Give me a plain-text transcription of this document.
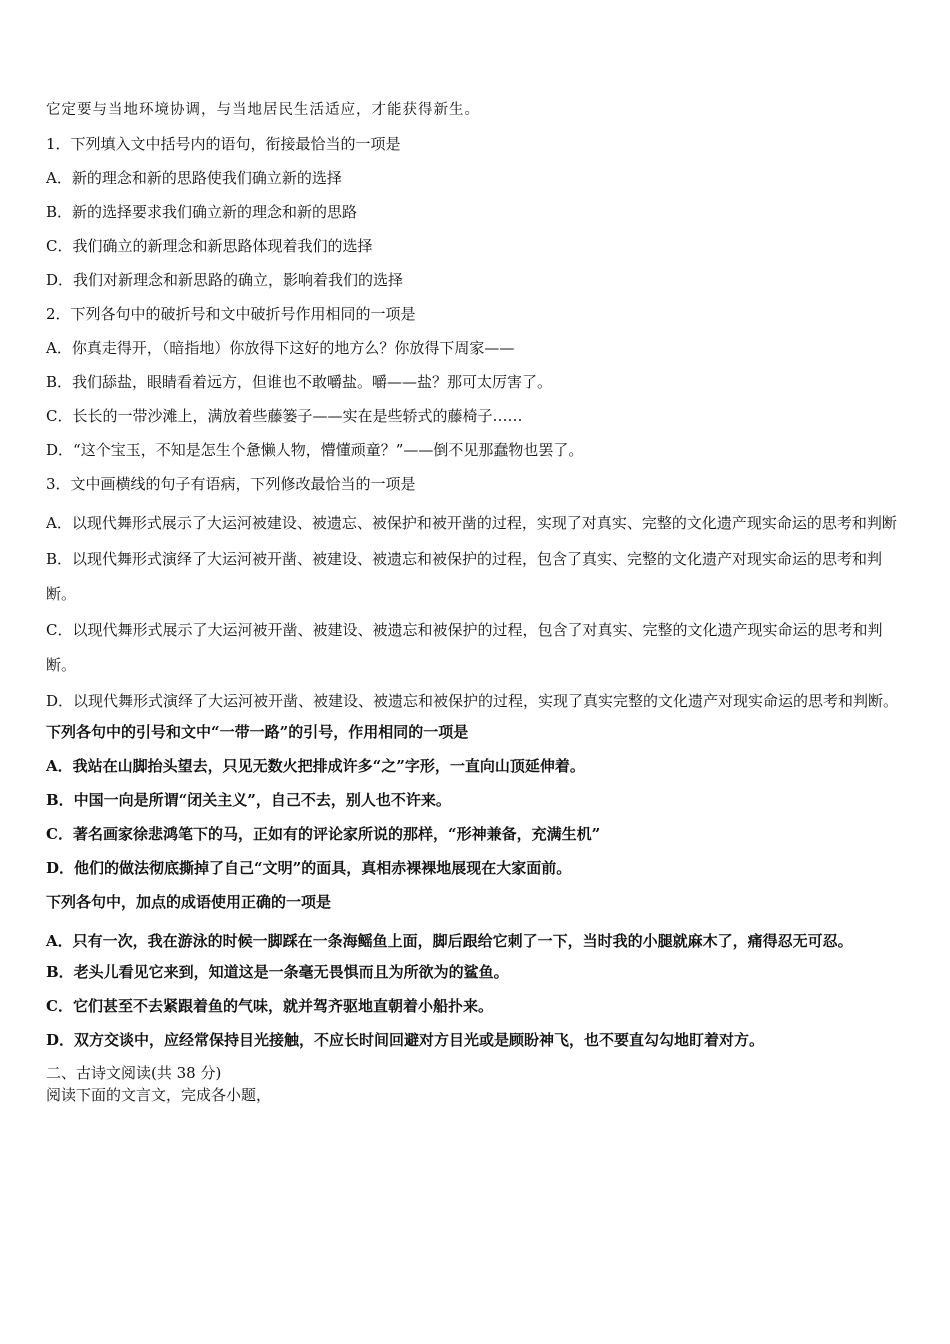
它定要与当地环境协调，与当地居民生活适应，才能获得新生。
1．下列填入文中括号内的语句，衔接最恰当的一项是
A．新的理念和新的思路使我们确立新的选择
B．新的选择要求我们确立新的理念和新的思路
C．我们确立的新理念和新思路体现着我们的选择
D．我们对新理念和新思路的确立，影响着我们的选择
2．下列各句中的破折号和文中破折号作用相同的一项是
A．你真走得开，（暗指地）你放得下这好的地方么？你放得下周家——
B．我们舔盐，眼睛看着远方，但谁也不敢嚼盐。嚼——盐？那可太厉害了。
C．长长的一带沙滩上，满放着些藤篓子——实在是些轿式的藤椅子……
D．“这个宝玉，不知是怎生个惫懒人物，懵懂顽童？”——倒不见那蠢物也罢了。
3．文中画横线的句子有语病，下列修改最恰当的一项是
A．以现代舞形式展示了大运河被建设、被遗忘、被保护和被开凿的过程，实现了对真实、完整的文化遗产现实命运的思考和判断
B．以现代舞形式演绎了大运河被开凿、被建设、被遗忘和被保护的过程，包含了真实、完整的文化遗产对现实命运的思考和判断。
C．以现代舞形式展示了大运河被开凿、被建设、被遗忘和被保护的过程，包含了对真实、完整的文化遗产现实命运的思考和判断。
D．以现代舞形式演绎了大运河被开凿、被建设、被遗忘和被保护的过程，实现了真实完整的文化遗产对现实命运的思考和判断。
下列各句中的引号和文中“一带一路”的引号，作用相同的一项是
A．我站在山脚抬头望去，只见无数火把排成许多“之”字形，一直向山顶延伸着。
B．中国一向是所谓“闭关主义”，自己不去，别人也不许来。
C．著名画家徐悲鸿笔下的马，正如有的评论家所说的那样，“形神兼备，充满生机”
D．他们的做法彻底撕掉了自己“文明”的面具，真相赤裸裸地展现在大家面前。
下列各句中，加点的成语使用正确的一项是
A．只有一次，我在游泳的时候一脚踩在一条海鳐鱼上面，脚后跟给它刺了一下，当时我的小腿就麻木了，痛得忍无可忍。
B．老头儿看见它来到，知道这是一条毫无畏惧而且为所欲为的鲨鱼。
C．它们甚至不去紧跟着鱼的气味，就并驾齐驱地直朝着小船扑来。
D．双方交谈中，应经常保持目光接触，不应长时间回避对方目光或是顾盼神飞，也不要直勾勾地盯着对方。
二、古诗文阅读(共 38 分)
阅读下面的文言文，完成各小题，
